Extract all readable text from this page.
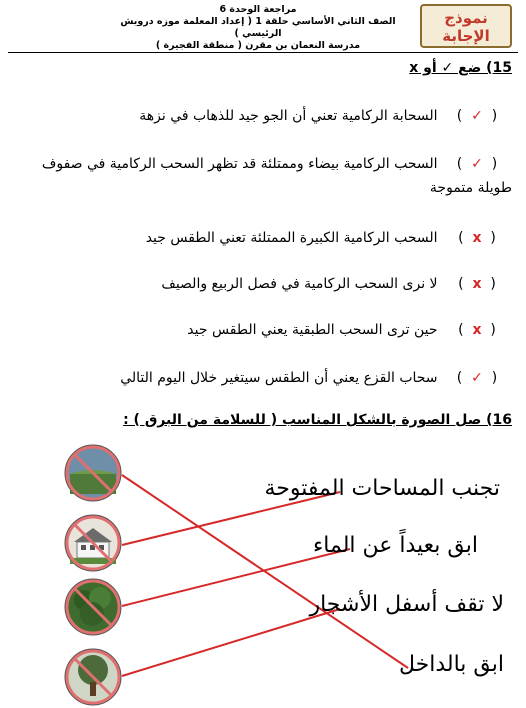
نموذج
الإجابة
مراجعة الوحدة 6
الصف الثاني الأساسي حلقة 1 ( إعداد المعلمة موزه درويش الرئيسي )
مدرسة النعمان بن مقرن ( منطقة الفجيرة )
15) ضع ✓ أو x
(  ✓  ) السحابة الركامية تعني أن الجو جيد للذهاب في نزهة
(  ✓  ) السحب الركامية بيضاء وممتلئة قد تظهر السحب الركامية في صفوف طويلة متموجة
(  x  ) السحب الركامية الكبيرة الممتلئة تعني الطقس جيد
(  x  ) لا نرى السحب الركامية في فصل الربيع والصيف
(  x  ) حين ترى السحب الطبقية يعني الطقس جيد
(  ✓  ) سحاب القزع يعني أن الطقس سيتغير خلال اليوم التالي
16) صل الصورة بالشكل المناسب ( للسلامة من البرق ) :
تجنب المساحات المفتوحة
ابق بعيداً عن الماء
لا تقف أسفل الأشجار
ابق بالداخل
